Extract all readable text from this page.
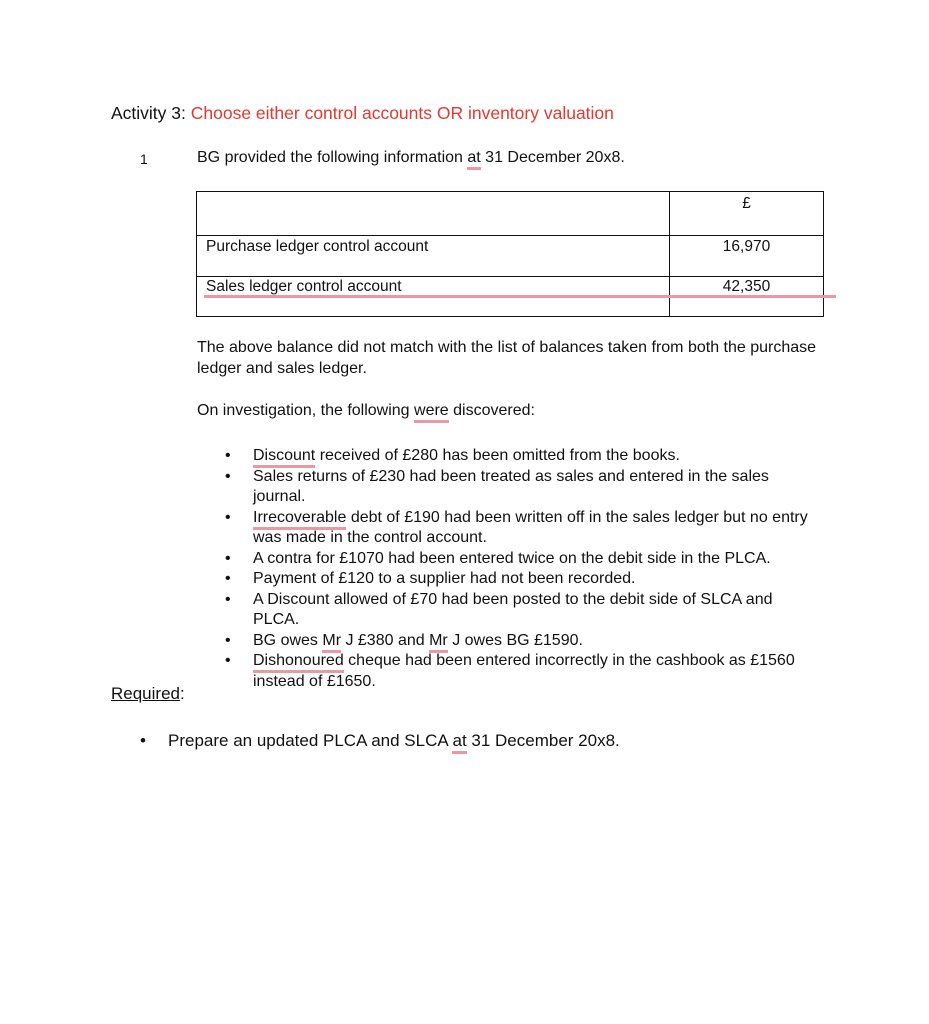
Activity 3: Choose either control accounts OR inventory valuation
1	BG provided the following information at 31 December 20x8.
	£
Purchase ledger control account	16,970
Sales ledger control account	42,350
The above balance did not match with the list of balances taken from both the purchase
ledger and sales ledger.
On investigation, the following were discovered:
• Discount received of £280 has been omitted from the books.
• Sales returns of £230 had been treated as sales and entered in the sales journal.
• Irrecoverable debt of £190 had been written off in the sales ledger but no entry was made in the control account.
• A contra for £1070 had been entered twice on the debit side in the PLCA.
• Payment of £120 to a supplier had not been recorded.
• A Discount allowed of £70 had been posted to the debit side of SLCA and PLCA.
• BG owes Mr J £380 and Mr J owes BG £1590.
• Dishonoured cheque had been entered incorrectly in the cashbook as £1560 instead of £1650.
Required:
• Prepare an updated PLCA and SLCA at 31 December 20x8.
